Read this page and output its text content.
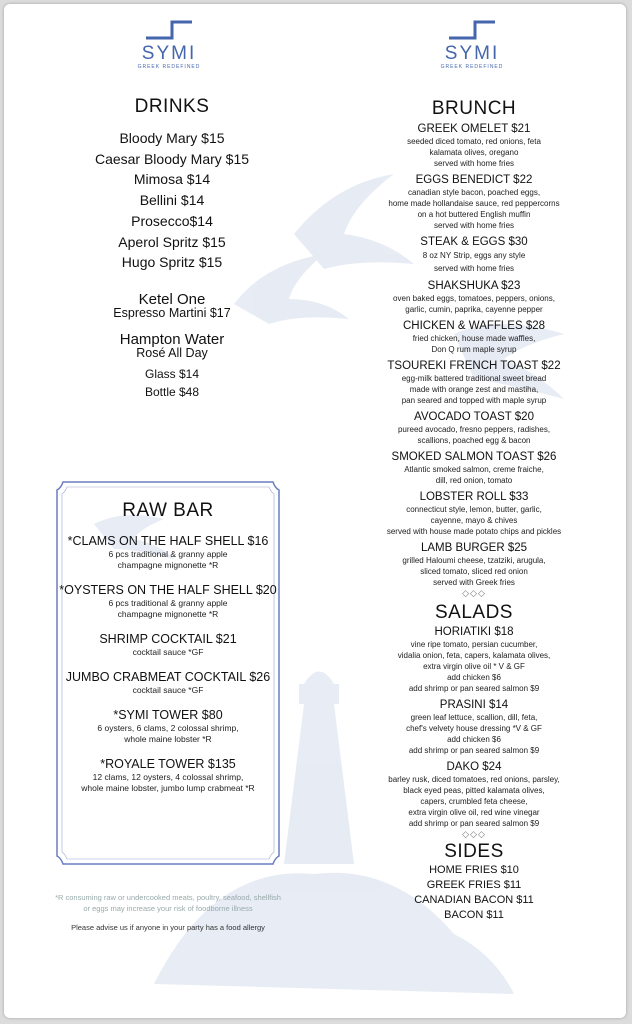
SYMI
GREEK REDEFINED
SYMI
GREEK REDEFINED
DRINKS
Bloody Mary $15
Caesar Bloody Mary $15
Mimosa $14
Bellini $14
Prosecco$14
Aperol Spritz $15
Hugo Spritz $15
Ketel One
Espresso Martini $17
Hampton Water
Rosé All Day
Glass $14
Bottle $48
RAW BAR
*CLAMS ON THE HALF SHELL $16
6 pcs traditional & granny apple
champagne mignonette *R
*OYSTERS ON THE HALF SHELL $20
6 pcs traditional & granny apple
champagne mignonette *R
SHRIMP COCKTAIL $21
cocktail sauce *GF
JUMBO CRABMEAT COCKTAIL $26
cocktail sauce *GF
*SYMI TOWER $80
6 oysters, 6 clams, 2 colossal shrimp,
whole maine lobster *R
*ROYALE TOWER $135
12 clams, 12 oysters, 4 colossal shrimp,
whole maine lobster, jumbo lump crabmeat *R
*R consuming raw or undercooked meats, poultry, seafood, shellfish or eggs may increase your risk of foodborne illness
Please advise us if anyone in your party has a food allergy
BRUNCH
GREEK OMELET $21
seeded diced tomato, red onions, feta
kalamata olives, oregano
served with home fries
EGGS BENEDICT $22
canadian style bacon, poached eggs,
home made hollandaise sauce, red peppercorns
on a hot buttered English muffin
served with home fries
STEAK & EGGS $30
8 oz NY Strip, eggs any style
served with home fries
SHAKSHUKA $23
oven baked eggs, tomatoes, peppers, onions,
garlic, cumin, paprika, cayenne pepper
CHICKEN & WAFFLES $28
fried chicken, house made waffles,
Don Q rum maple syrup
TSOUREKI FRENCH TOAST $22
egg-milk battered traditional sweet bread
made with orange zest and mastiha,
pan seared and topped with maple syrup
AVOCADO TOAST $20
pureed avocado, fresno peppers, radishes,
scallions, poached egg & bacon
SMOKED SALMON TOAST $26
Atlantic smoked salmon, creme fraiche,
dill, red onion, tomato
LOBSTER ROLL $33
connecticut style, lemon, butter, garlic,
cayenne, mayo & chives
served with house made potato chips and pickles
LAMB BURGER $25
grilled Haloumi cheese, tzatziki, arugula,
sliced tomato, sliced red onion
served with Greek fries
◇◇◇
SALADS
HORIATIKI $18
vine ripe tomato, persian cucumber,
vidalia onion, feta, capers, kalamata olives,
extra virgin olive oil * V & GF
add chicken $6
add shrimp or pan seared salmon $9
PRASINI $14
green leaf lettuce, scallion, dill, feta,
chef's velvety house dressing *V & GF
add chicken $6
add shrimp or pan seared salmon $9
DAKO $24
barley rusk, diced tomatoes, red onions, parsley,
black eyed peas, pitted kalamata olives,
capers, crumbled feta cheese,
extra virgin olive oil, red wine vinegar
add shrimp or pan seared salmon $9
◇◇◇
SIDES
HOME FRIES $10
GREEK FRIES $11
CANADIAN BACON $11
BACON $11
